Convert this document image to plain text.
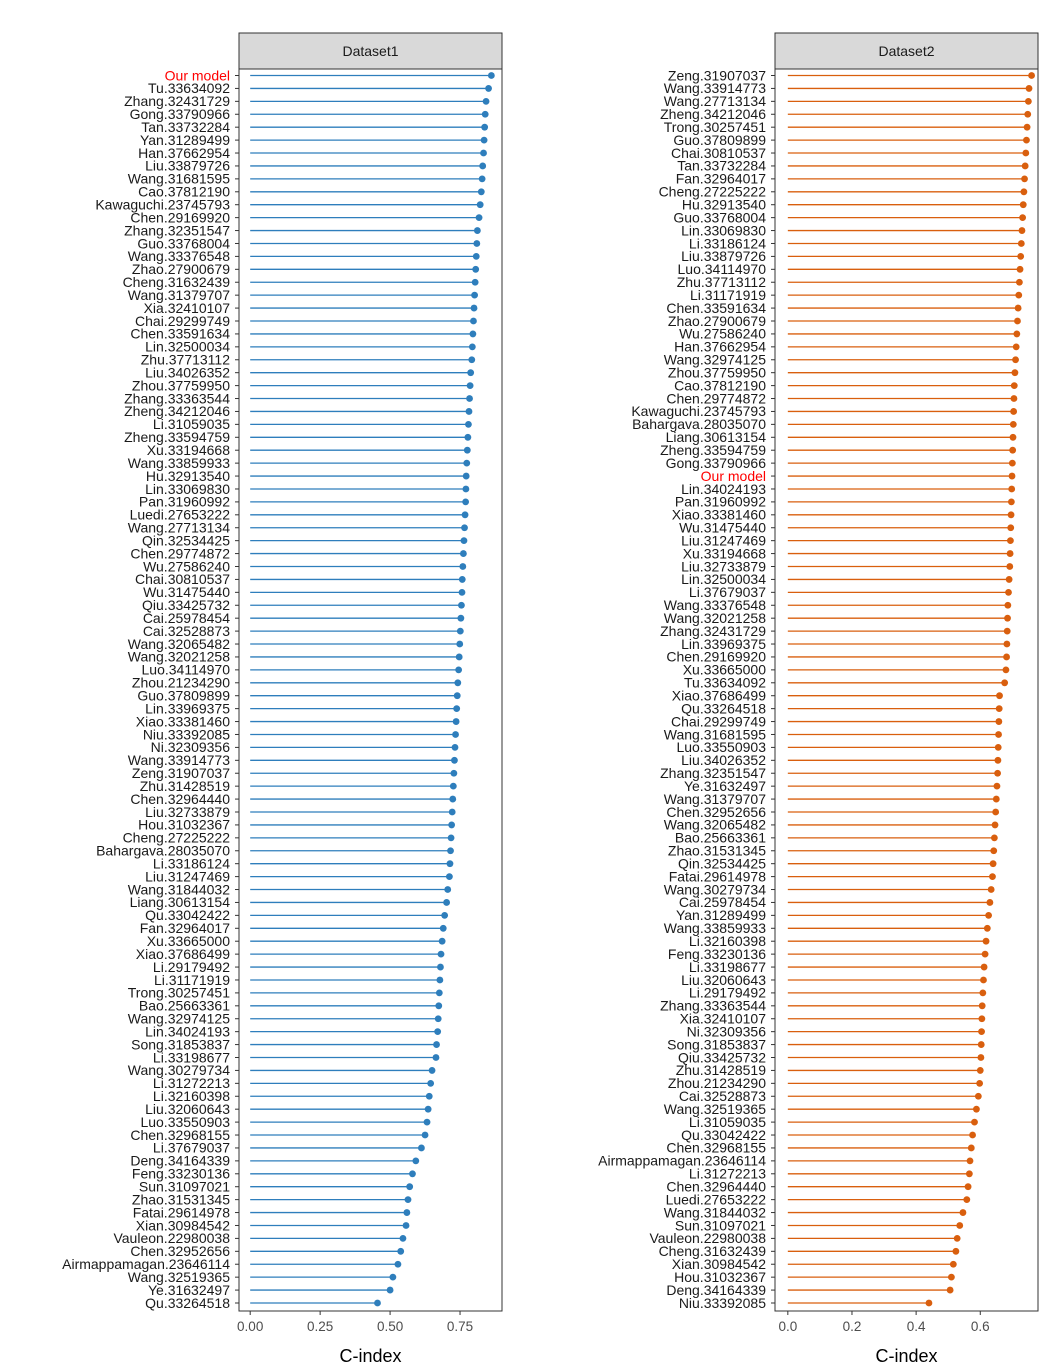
Dataset1
Our model
Tu.33634092
Zhang.32431729
Gong.33790966
Tan.33732284
Yan.31289499
Han.37662954
Liu.33879726
Wang.31681595
Cao.37812190
Kawaguchi.23745793
Chen.29169920
Zhang.32351547
Guo.33768004
Wang.33376548
Zhao.27900679
Cheng.31632439
Wang.31379707
Xia.32410107
Chai.29299749
Chen.33591634
Lin.32500034
Zhu.37713112
Liu.34026352
Zhou.37759950
Zhang.33363544
Zheng.34212046
Li.31059035
Zheng.33594759
Xu.33194668
Wang.33859933
Hu.32913540
Lin.33069830
Pan.31960992
Luedi.27653222
Wang.27713134
Qin.32534425
Chen.29774872
Wu.27586240
Chai.30810537
Wu.31475440
Qiu.33425732
Cai.25978454
Cai.32528873
Wang.32065482
Wang.32021258
Luo.34114970
Zhou.21234290
Guo.37809899
Lin.33969375
Xiao.33381460
Niu.33392085
Ni.32309356
Wang.33914773
Zeng.31907037
Zhu.31428519
Chen.32964440
Liu.32733879
Hou.31032367
Cheng.27225222
Bahargava.28035070
Li.33186124
Liu.31247469
Wang.31844032
Liang.30613154
Qu.33042422
Fan.32964017
Xu.33665000
Xiao.37686499
Li.29179492
Li.31171919
Trong.30257451
Bao.25663361
Wang.32974125
Lin.34024193
Song.31853837
Li.33198677
Wang.30279734
Li.31272213
Li.32160398
Liu.32060643
Luo.33550903
Chen.32968155
Li.37679037
Deng.34164339
Feng.33230136
Sun.31097021
Zhao.31531345
Fatai.29614978
Xian.30984542
Vauleon.22980038
Chen.32952656
Airmappamagan.23646114
Wang.32519365
Ye.31632497
Qu.33264518
0.00	0.25	0.50	0.75
C-index
Dataset2
Zeng.31907037
Wang.33914773
Wang.27713134
Zheng.34212046
Trong.30257451
Guo.37809899
Chai.30810537
Tan.33732284
Fan.32964017
Cheng.27225222
Hu.32913540
Guo.33768004
Lin.33069830
Li.33186124
Liu.33879726
Luo.34114970
Zhu.37713112
Li.31171919
Chen.33591634
Zhao.27900679
Wu.27586240
Han.37662954
Wang.32974125
Zhou.37759950
Cao.37812190
Chen.29774872
Kawaguchi.23745793
Bahargava.28035070
Liang.30613154
Zheng.33594759
Gong.33790966
Our model
Lin.34024193
Pan.31960992
Xiao.33381460
Wu.31475440
Liu.31247469
Xu.33194668
Liu.32733879
Lin.32500034
Li.37679037
Wang.33376548
Wang.32021258
Zhang.32431729
Lin.33969375
Chen.29169920
Xu.33665000
Tu.33634092
Xiao.37686499
Qu.33264518
Chai.29299749
Wang.31681595
Luo.33550903
Liu.34026352
Zhang.32351547
Ye.31632497
Wang.31379707
Chen.32952656
Wang.32065482
Bao.25663361
Zhao.31531345
Qin.32534425
Fatai.29614978
Wang.30279734
Cai.25978454
Yan.31289499
Wang.33859933
Li.32160398
Feng.33230136
Li.33198677
Liu.32060643
Li.29179492
Zhang.33363544
Xia.32410107
Ni.32309356
Song.31853837
Qiu.33425732
Zhu.31428519
Zhou.21234290
Cai.32528873
Wang.32519365
Li.31059035
Qu.33042422
Chen.32968155
Airmappamagan.23646114
Li.31272213
Chen.32964440
Luedi.27653222
Wang.31844032
Sun.31097021
Vauleon.22980038
Cheng.31632439
Xian.30984542
Hou.31032367
Deng.34164339
Niu.33392085
0.0	0.2	0.4	0.6
C-index
